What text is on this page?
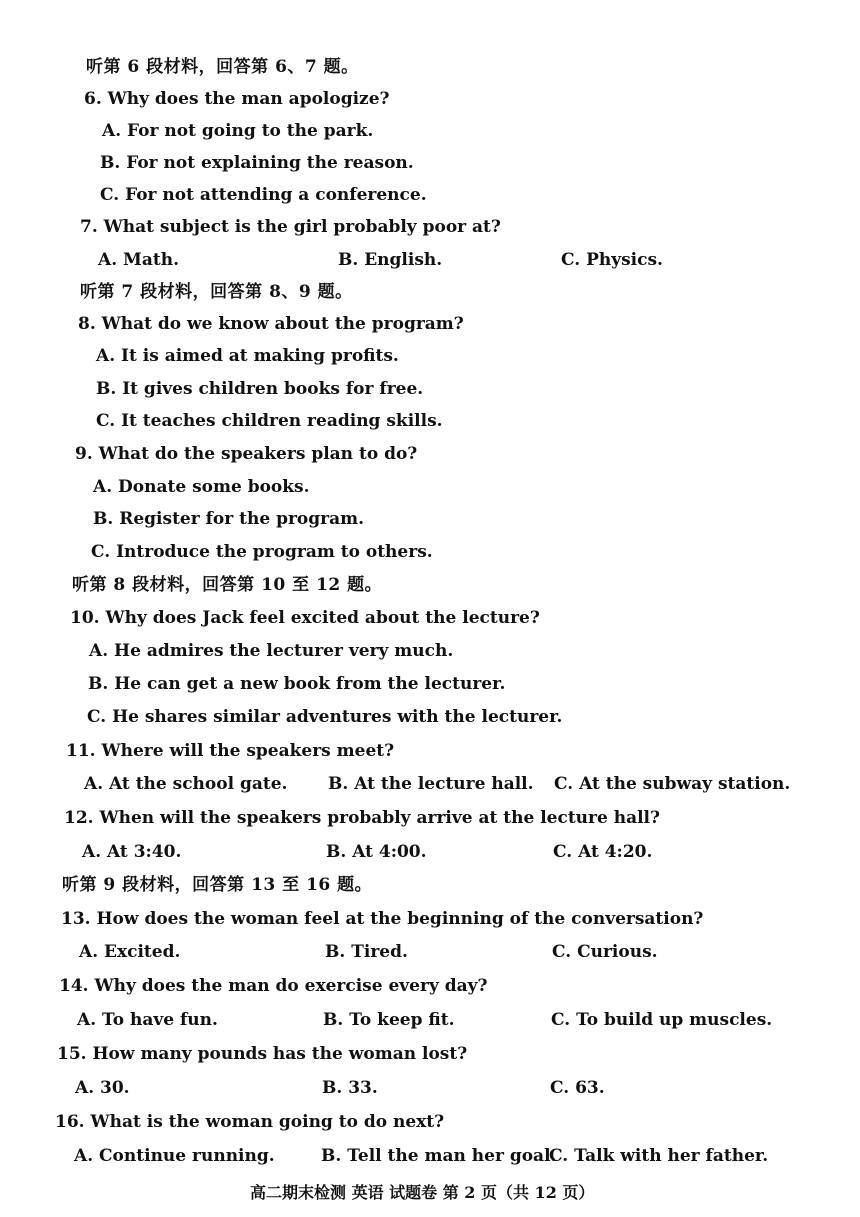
听第 6 段材料，回答第 6、7 题。
6. Why does the man apologize?
A. For not going to the park.
B. For not explaining the reason.
C. For not attending a conference.
7. What subject is the girl probably poor at?
A. Math.	B. English.	C. Physics.
听第 7 段材料，回答第 8、9 题。
8. What do we know about the program?
A. It is aimed at making profits.
B. It gives children books for free.
C. It teaches children reading skills.
9. What do the speakers plan to do?
A. Donate some books.
B. Register for the program.
C. Introduce the program to others.
听第 8 段材料，回答第 10 至 12 题。
10. Why does Jack feel excited about the lecture?
A. He admires the lecturer very much.
B. He can get a new book from the lecturer.
C. He shares similar adventures with the lecturer.
11. Where will the speakers meet?
A. At the school gate. B. At the lecture hall. C. At the subway station.
12. When will the speakers probably arrive at the lecture hall?
A. At 3:40.	B. At 4:00.	C. At 4:20.
听第 9 段材料，回答第 13 至 16 题。
13. How does the woman feel at the beginning of the conversation?
A. Excited.	B. Tired.	C. Curious.
14. Why does the man do exercise every day?
A. To have fun.	B. To keep fit.	C. To build up muscles.
15. How many pounds has the woman lost?
A. 30.	B. 33.	C. 63.
16. What is the woman going to do next?
A. Continue running.	B. Tell the man her goal.
C. Talk with her father.
高二期末检测 英语 试题卷 第 2 页（共 12 页）
